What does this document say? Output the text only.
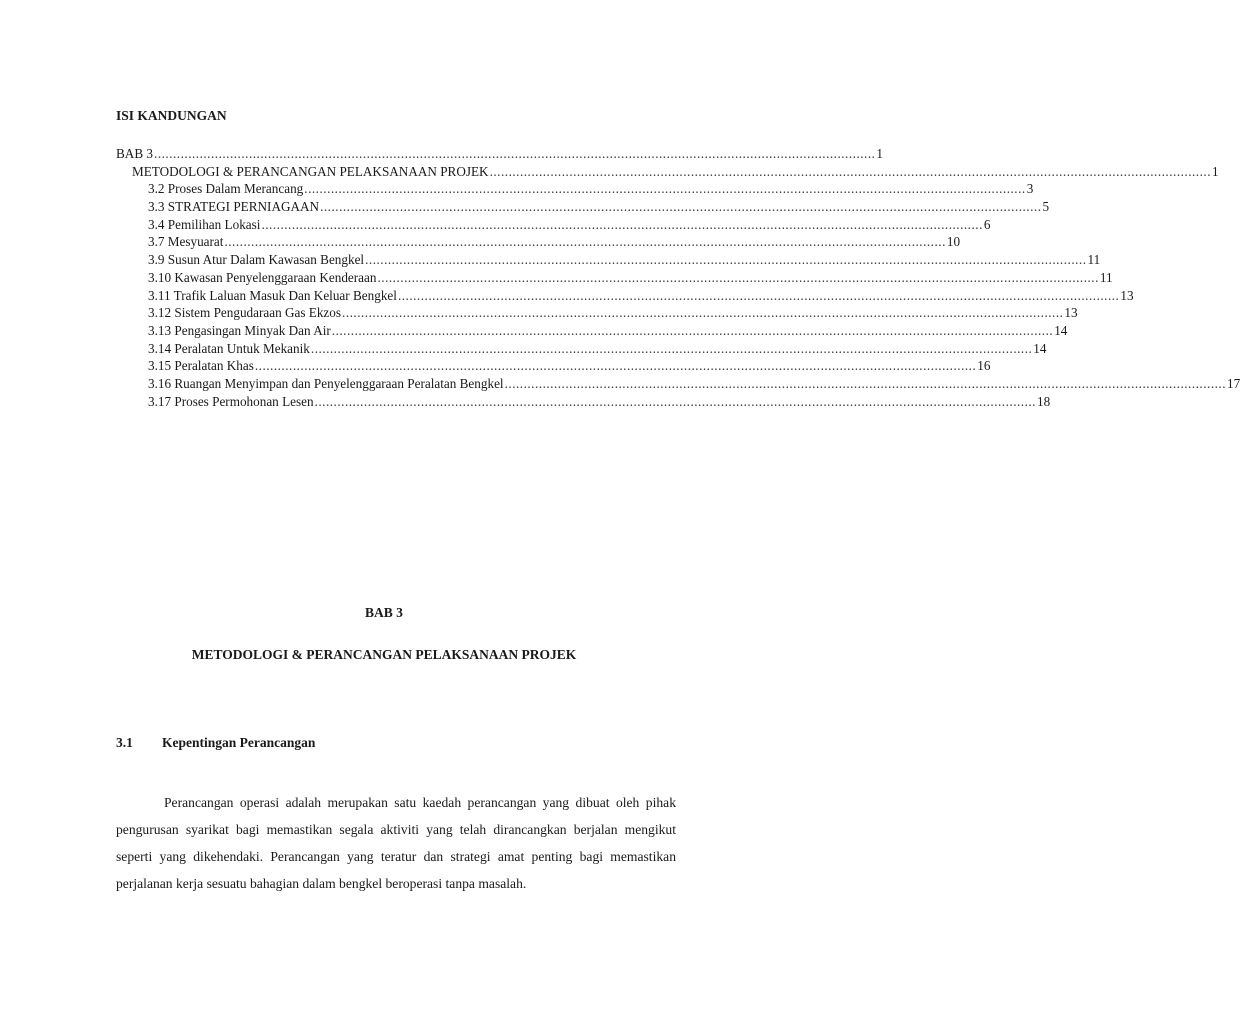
ISI KANDUNGAN
BAB 3 .............................................................................................................................................................................................. 1
METODOLOGI & PERANCANGAN PELAKSANAAN PROJEK .............................................................................................................................................................................................. 1
3.2 Proses Dalam Merancang .............................................................................................................................................................................................. 3
3.3 STRATEGI PERNIAGAAN .............................................................................................................................................................................................. 5
3.4 Pemilihan Lokasi .............................................................................................................................................................................................. 6
3.7 Mesyuarat .............................................................................................................................................................................................. 10
3.9 Susun Atur Dalam Kawasan Bengkel .............................................................................................................................................................................................. 11
3.10 Kawasan Penyelenggaraan Kenderaan .............................................................................................................................................................................................. 11
3.11 Trafik Laluan Masuk Dan Keluar Bengkel .............................................................................................................................................................................................. 13
3.12 Sistem Pengudaraan Gas Ekzos .............................................................................................................................................................................................. 13
3.13 Pengasingan Minyak Dan Air .............................................................................................................................................................................................. 14
3.14 Peralatan Untuk Mekanik .............................................................................................................................................................................................. 14
3.15 Peralatan Khas .............................................................................................................................................................................................. 16
3.16 Ruangan Menyimpan dan Penyelenggaraan Peralatan Bengkel .............................................................................................................................................................................................. 17
3.17 Proses Permohonan Lesen .............................................................................................................................................................................................. 18
BAB 3
METODOLOGI & PERANCANGAN PELAKSANAAN PROJEK
3.1 Kepentingan Perancangan

Perancangan operasi adalah merupakan satu kaedah perancangan yang dibuat oleh pihak pengurusan syarikat bagi memastikan segala aktiviti yang telah dirancangkan berjalan mengikut seperti yang dikehendaki. Perancangan yang teratur dan strategi amat penting bagi memastikan perjalanan kerja sesuatu bahagian dalam bengkel beroperasi tanpa masalah.
